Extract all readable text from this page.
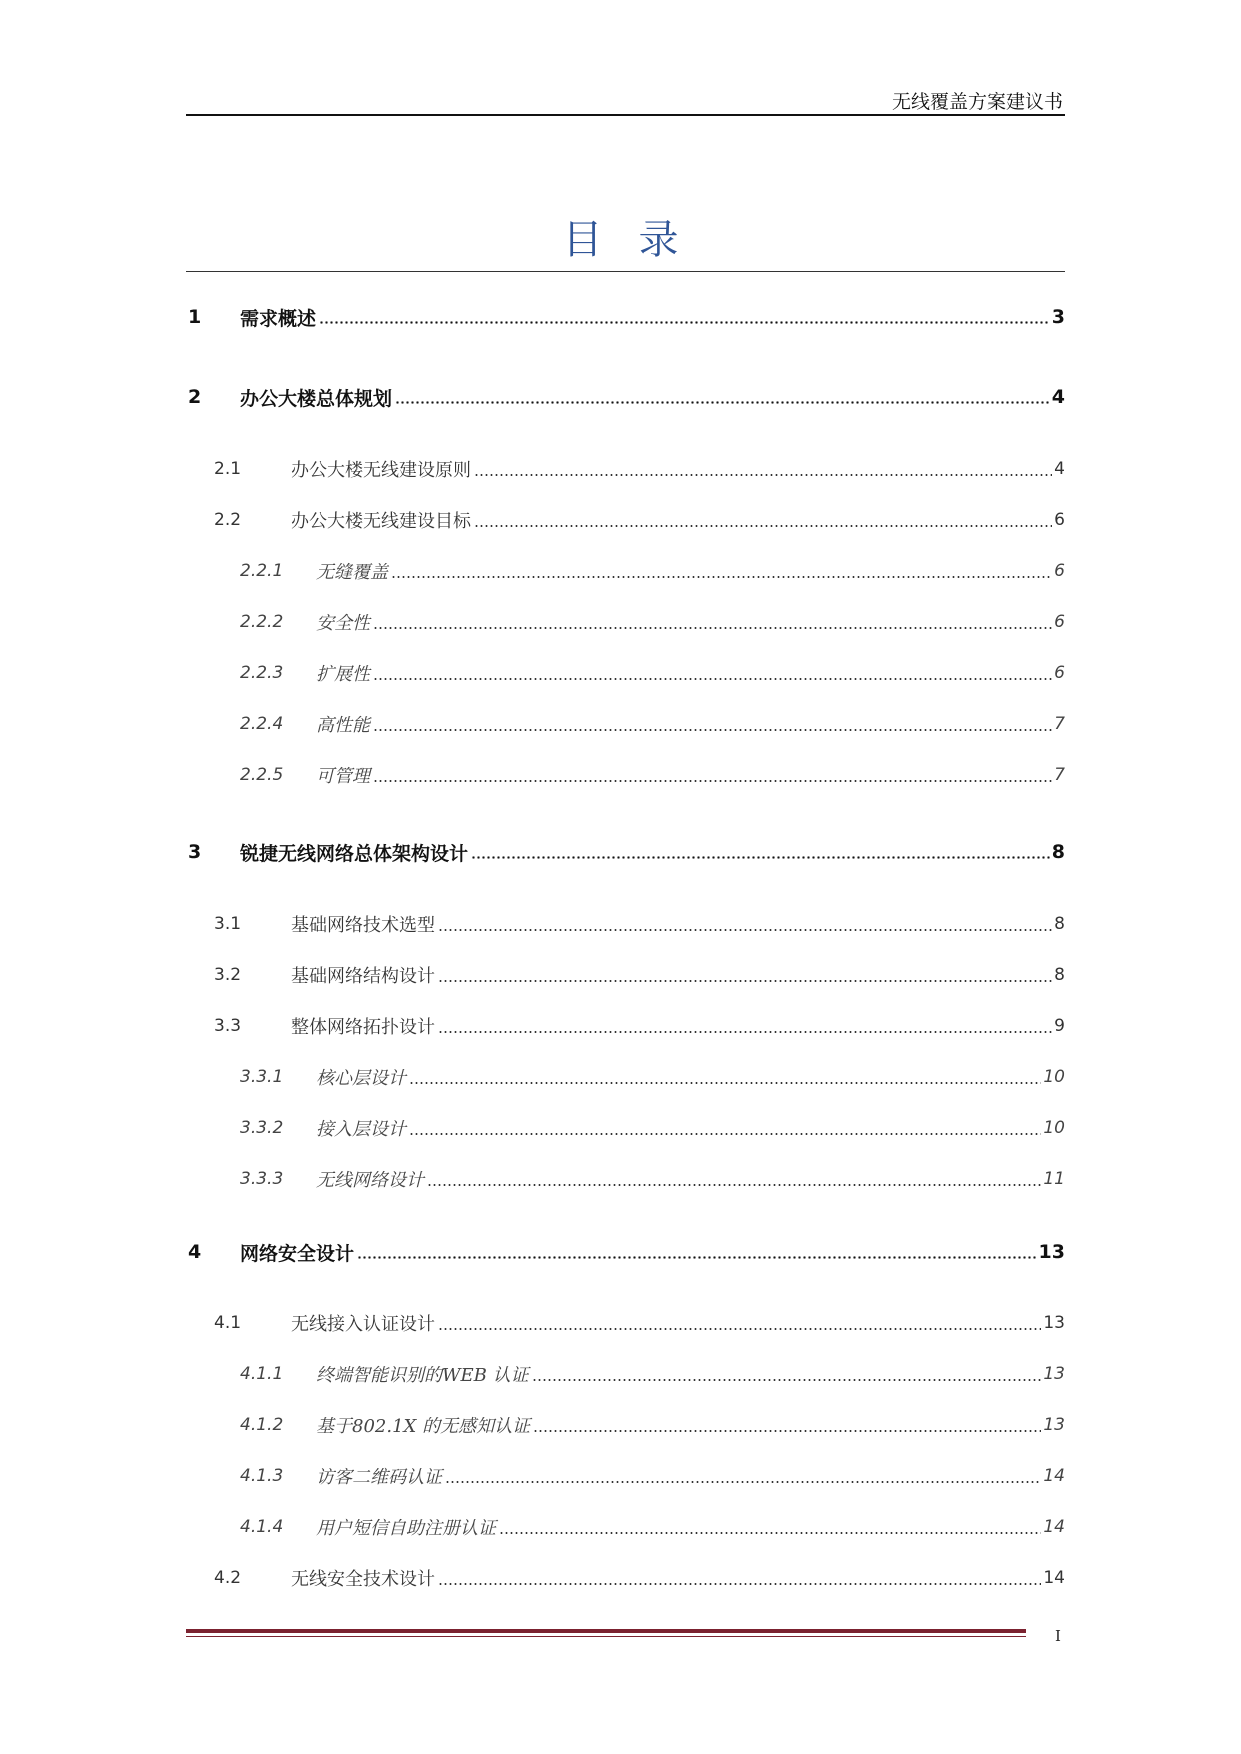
无线覆盖方案建议书
目录
1	需求概述	3
2	办公大楼总体规划	4
2.1	办公大楼无线建设原则	4
2.2	办公大楼无线建设目标	6
2.2.1	无缝覆盖	6
2.2.2	安全性	6
2.2.3	扩展性	6
2.2.4	高性能	7
2.2.5	可管理	7
3	锐捷无线网络总体架构设计	8
3.1	基础网络技术选型	8
3.2	基础网络结构设计	8
3.3	整体网络拓扑设计	9
3.3.1	核心层设计	10
3.3.2	接入层设计	10
3.3.3	无线网络设计	11
4	网络安全设计	13
4.1	无线接入认证设计	13
4.1.1	终端智能识别的WEB 认证	13
4.1.2	基于802.1X 的无感知认证	13
4.1.3	访客二维码认证	14
4.1.4	用户短信自助注册认证	14
4.2	无线安全技术设计	14
I
